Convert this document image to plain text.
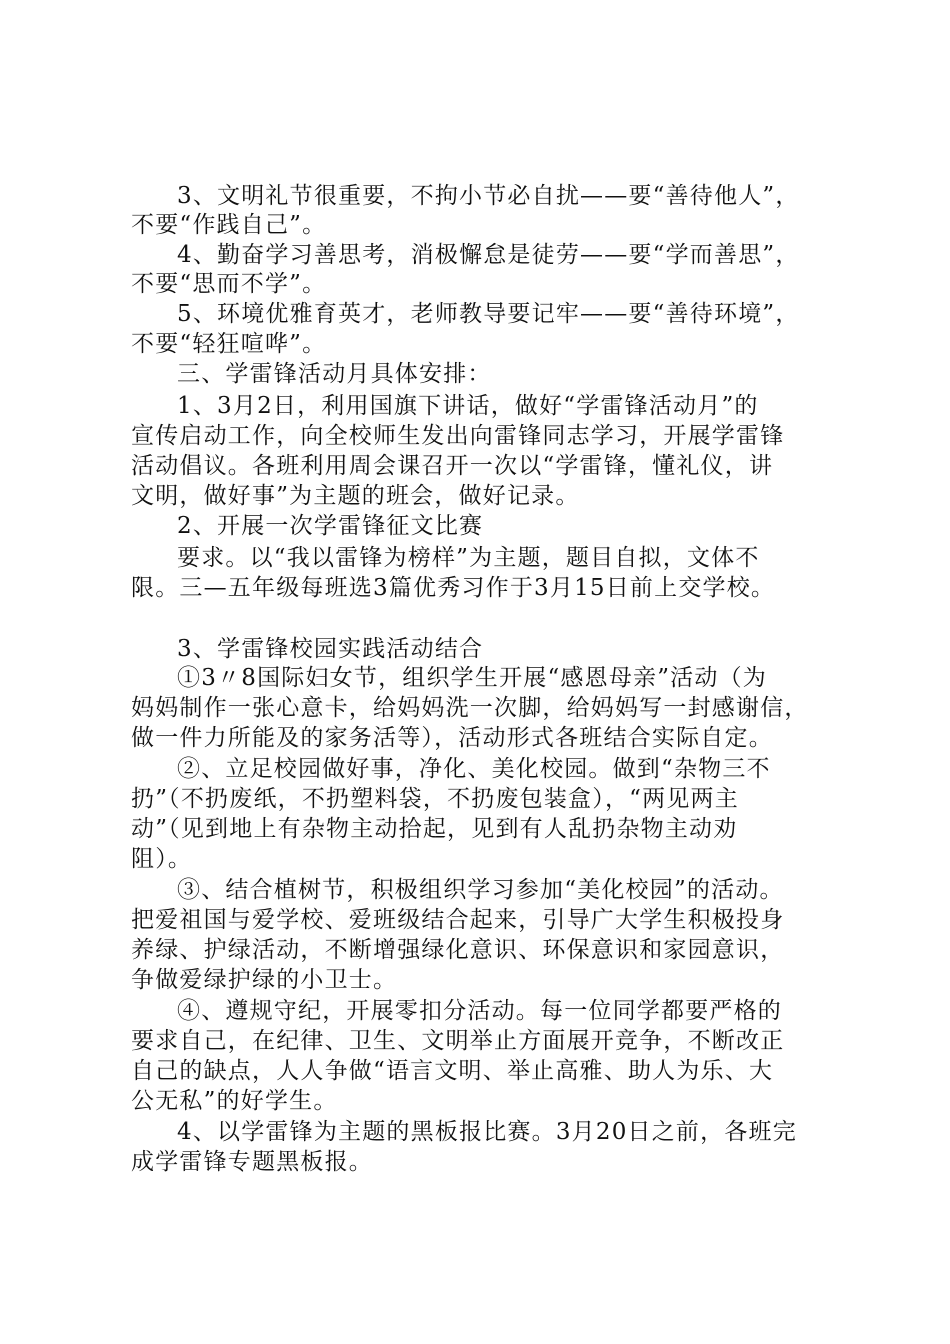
3、文明礼节很重要，不拘小节必自扰——要“善待他人”，
不要“作践自己”。
4、勤奋学习善思考，消极懈怠是徒劳——要“学而善思”，
不要“思而不学”。
5、环境优雅育英才，老师教导要记牢——要“善待环境”，
不要“轻狂喧哗”。
三、学雷锋活动月具体安排：
1、3月2日，利用国旗下讲话，做好“学雷锋活动月”的
宣传启动工作，向全校师生发出向雷锋同志学习，开展学雷锋
活动倡议。各班利用周会课召开一次以“学雷锋，懂礼仪，讲
文明，做好事”为主题的班会，做好记录。
2、开展一次学雷锋征文比赛
要求。以“我以雷锋为榜样”为主题，题目自拟，文体不
限。三—五年级每班选3篇优秀习作于3月15日前上交学校。
3、学雷锋校园实践活动结合
①3〃8国际妇女节，组织学生开展“感恩母亲”活动（为
妈妈制作一张心意卡，给妈妈洗一次脚，给妈妈写一封感谢信，
做一件力所能及的家务活等），活动形式各班结合实际自定。
②、立足校园做好事，净化、美化校园。做到“杂物三不
扔”（不扔废纸，不扔塑料袋，不扔废包装盒），“两见两主
动”（见到地上有杂物主动拾起，见到有人乱扔杂物主动劝
阻）。
③、结合植树节，积极组织学习参加“美化校园”的活动。
把爱祖国与爱学校、爱班级结合起来，引导广大学生积极投身
养绿、护绿活动，不断增强绿化意识、环保意识和家园意识，
争做爱绿护绿的小卫士。
④、遵规守纪，开展零扣分活动。每一位同学都要严格的
要求自己，在纪律、卫生、文明举止方面展开竞争，不断改正
自己的缺点，人人争做“语言文明、举止高雅、助人为乐、大
公无私”的好学生。
4、以学雷锋为主题的黑板报比赛。3月20日之前，各班完
成学雷锋专题黑板报。
